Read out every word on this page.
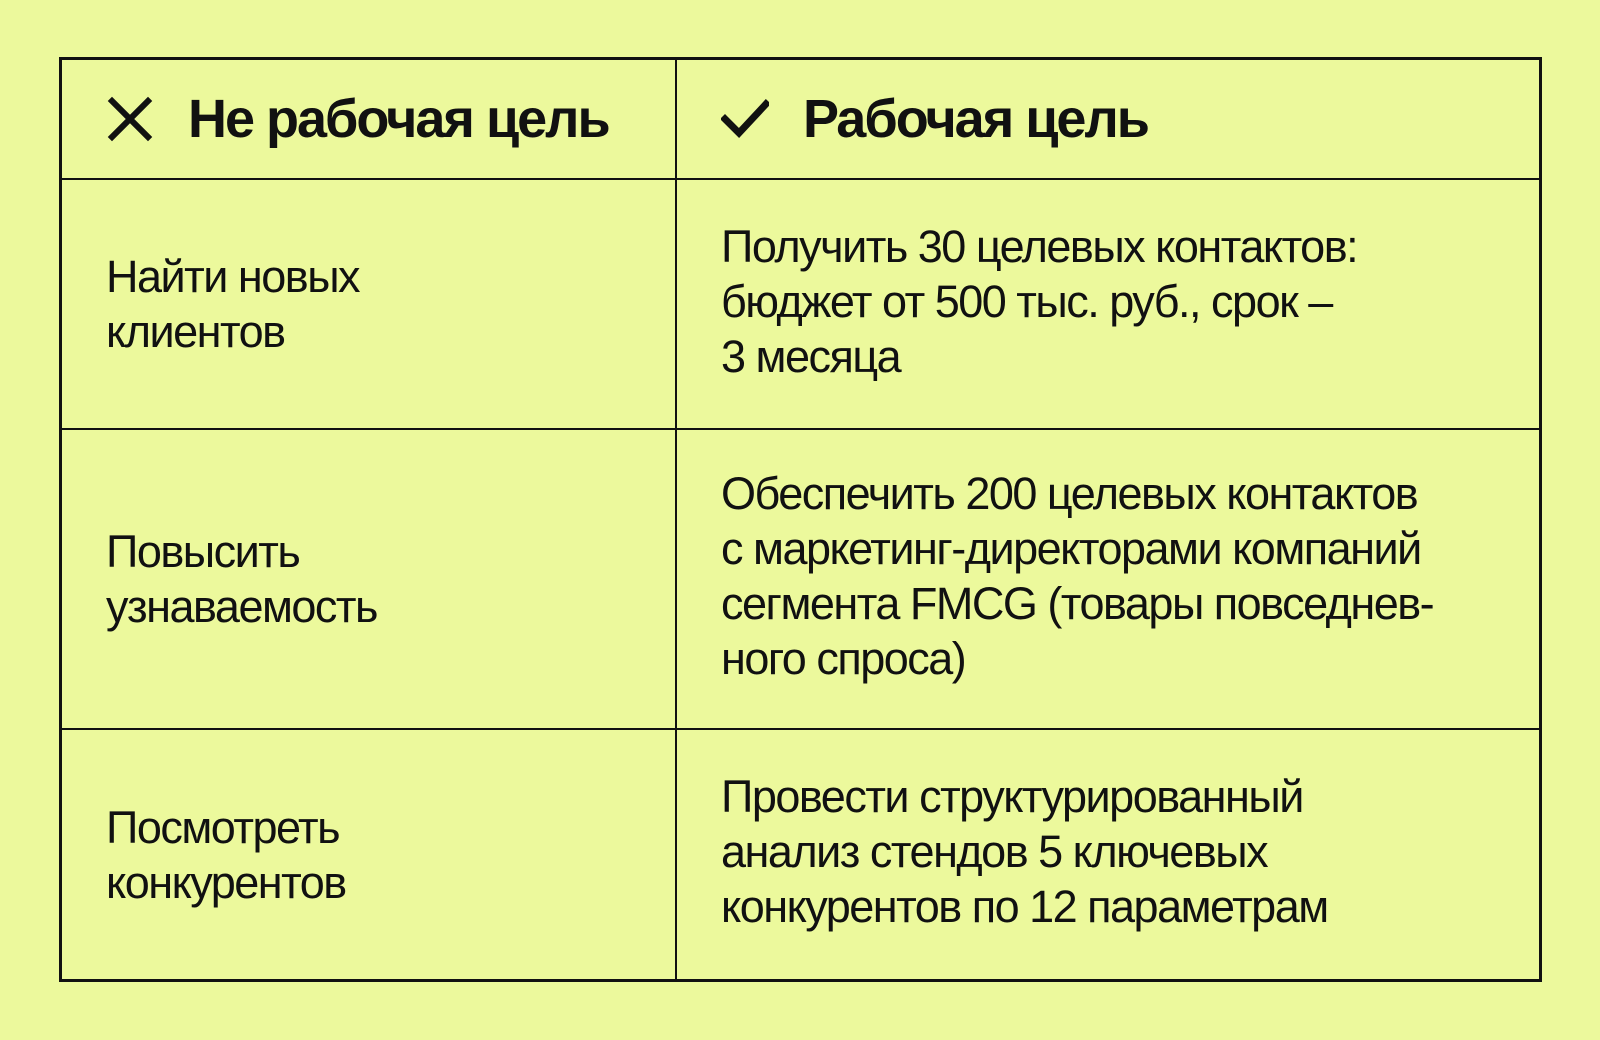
Не рабочая цель	Рабочая цель
Найти новых
клиентов
Получить 30 целевых контактов:
бюджет от 500 тыс. руб., срок –
3 месяца
Повысить
узнаваемость
Обеспечить 200 целевых контактов
с маркетинг-директорами компаний
сегмента FMCG (товары повседнев-
ного спроса)
Посмотреть
конкурентов
Провести структурированный
анализ стендов 5 ключевых
конкурентов по 12 параметрам
